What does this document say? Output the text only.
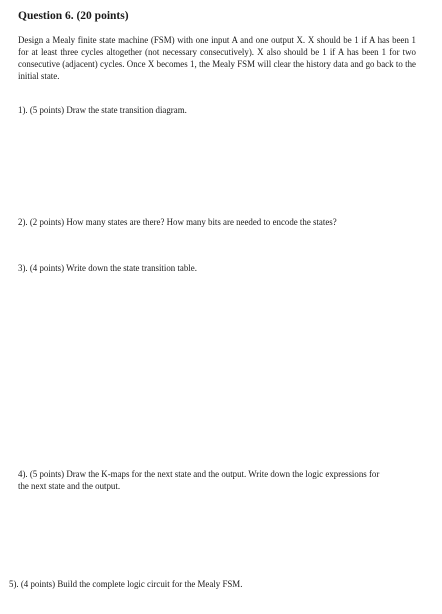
Question 6. (20 points)

Design a Mealy finite state machine (FSM) with one input A and one output X. X should be 1 if A has been 1 for at least three cycles altogether (not necessary consecutively). X also should be 1 if A has been 1 for two consecutive (adjacent) cycles. Once X becomes 1, the Mealy FSM will clear the history data and go back to the initial state.

1). (5 points) Draw the state transition diagram.

2). (2 points) How many states are there? How many bits are needed to encode the states?

3). (4 points) Write down the state transition table.

4). (5 points) Draw the K-maps for the next state and the output. Write down the logic expressions for the next state and the output.

5). (4 points) Build the complete logic circuit for the Mealy FSM.
